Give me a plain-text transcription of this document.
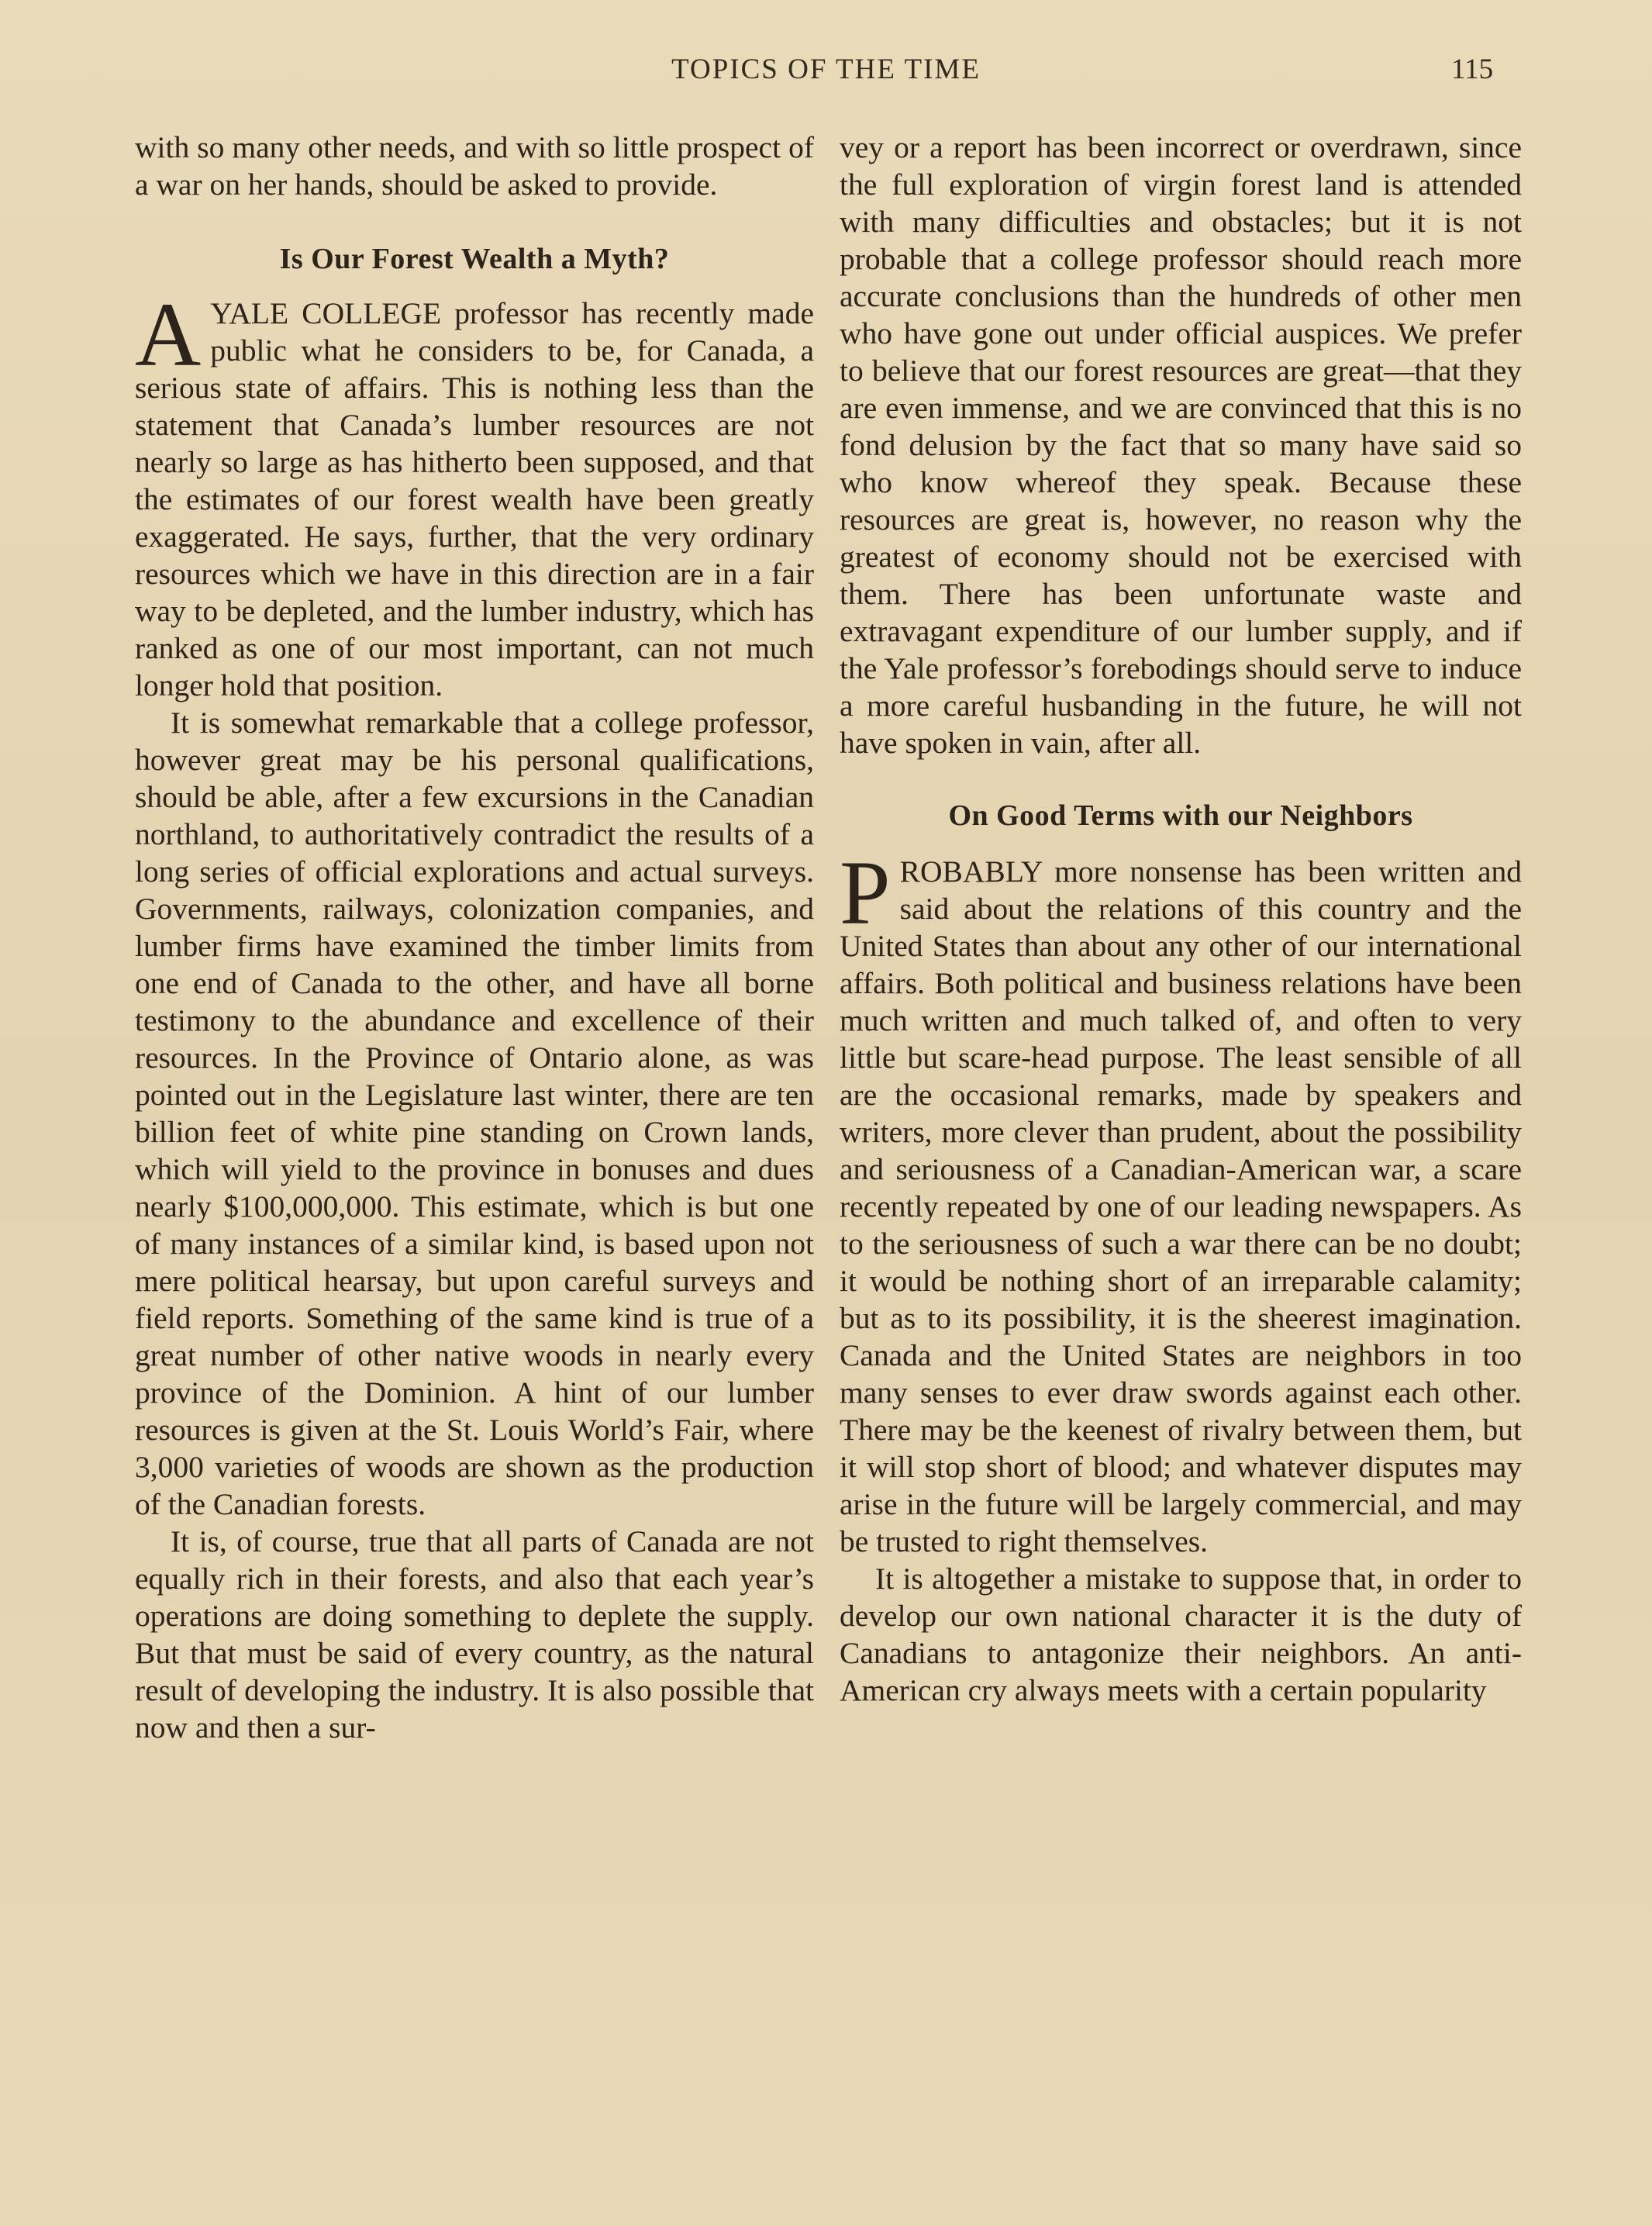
TOPICS OF THE TIME	115

with so many other needs, and with so little prospect of a war on her hands, should be asked to provide.

Is Our Forest Wealth a Myth?

AYALE COLLEGE professor has recently made public what he considers to be, for Canada, a serious state of affairs. This is nothing less than the statement that Canada’s lumber resources are not nearly so large as has hitherto been supposed, and that the estimates of our forest wealth have been greatly exaggerated. He says, further, that the very ordinary resources which we have in this direction are in a fair way to be depleted, and the lumber industry, which has ranked as one of our most important, can not much longer hold that position.

It is somewhat remarkable that a college professor, however great may be his personal qualifications, should be able, after a few excursions in the Canadian northland, to authoritatively contradict the results of a long series of official explorations and actual surveys. Governments, railways, colonization companies, and lumber firms have examined the timber limits from one end of Canada to the other, and have all borne testimony to the abundance and excellence of their resources. In the Province of Ontario alone, as was pointed out in the Legislature last winter, there are ten billion feet of white pine standing on Crown lands, which will yield to the province in bonuses and dues nearly $100,000,000. This estimate, which is but one of many instances of a similar kind, is based upon not mere political hearsay, but upon careful surveys and field reports. Something of the same kind is true of a great number of other native woods in nearly every province of the Dominion. A hint of our lumber resources is given at the St. Louis World’s Fair, where 3,000 varieties of woods are shown as the production of the Canadian forests.

It is, of course, true that all parts of Canada are not equally rich in their forests, and also that each year’s operations are doing something to deplete the supply. But that must be said of every country, as the natural result of developing the industry. It is also possible that now and then a sur-

vey or a report has been incorrect or overdrawn, since the full exploration of virgin forest land is attended with many difficulties and obstacles; but it is not probable that a college professor should reach more accurate conclusions than the hundreds of other men who have gone out under official auspices. We prefer to believe that our forest resources are great—that they are even immense, and we are convinced that this is no fond delusion by the fact that so many have said so who know whereof they speak. Because these resources are great is, however, no reason why the greatest of economy should not be exercised with them. There has been unfortunate waste and extravagant expenditure of our lumber supply, and if the Yale professor’s forebodings should serve to induce a more careful husbanding in the future, he will not have spoken in vain, after all.

On Good Terms with our Neighbors

PROBABLY more nonsense has been written and said about the relations of this country and the United States than about any other of our international affairs. Both political and business relations have been much written and much talked of, and often to very little but scare-head purpose. The least sensible of all are the occasional remarks, made by speakers and writers, more clever than prudent, about the possibility and seriousness of a Canadian-American war, a scare recently repeated by one of our leading newspapers. As to the seriousness of such a war there can be no doubt; it would be nothing short of an irreparable calamity; but as to its possibility, it is the sheerest imagination. Canada and the United States are neighbors in too many senses to ever draw swords against each other. There may be the keenest of rivalry between them, but it will stop short of blood; and whatever disputes may arise in the future will be largely commercial, and may be trusted to right themselves.

It is altogether a mistake to suppose that, in order to develop our own national character it is the duty of Canadians to antagonize their neighbors. An anti-American cry always meets with a certain popularity
